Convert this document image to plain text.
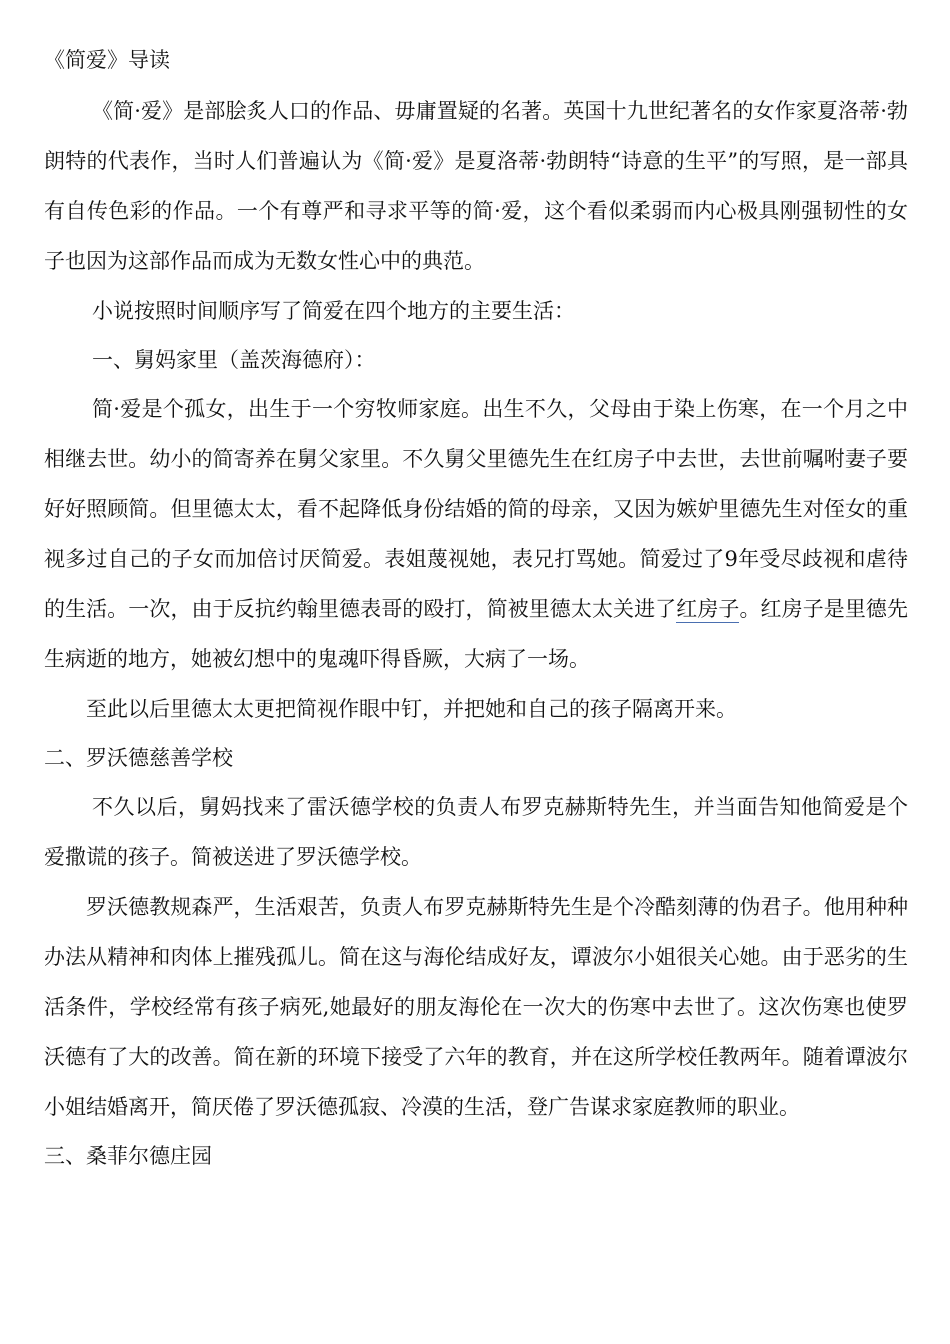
《简爱》导读

《简·爱》是部脍炙人口的作品、毋庸置疑的名著。英国十九世纪著名的女作家夏洛蒂·勃朗特的代表作，当时人们普遍认为《简·爱》是夏洛蒂·勃朗特“诗意的生平”的写照，是一部具有自传色彩的作品。一个有尊严和寻求平等的简·爱，这个看似柔弱而内心极具刚强韧性的女子也因为这部作品而成为无数女性心中的典范。

小说按照时间顺序写了简爱在四个地方的主要生活：

一、舅妈家里（盖茨海德府）：

简·爱是个孤女，出生于一个穷牧师家庭。出生不久，父母由于染上伤寒，在一个月之中相继去世。幼小的简寄养在舅父家里。不久舅父里德先生在红房子中去世，去世前嘱咐妻子要好好照顾简。但里德太太，看不起降低身份结婚的简的母亲，又因为嫉妒里德先生对侄女的重视多过自己的子女而加倍讨厌简爱。表姐蔑视她，表兄打骂她。简爱过了9年受尽歧视和虐待的生活。一次，由于反抗约翰里德表哥的殴打，简被里德太太关进了红房子。红房子是里德先生病逝的地方，她被幻想中的鬼魂吓得昏厥，大病了一场。

至此以后里德太太更把简视作眼中钉，并把她和自己的孩子隔离开来。

二、罗沃德慈善学校

不久以后，舅妈找来了雷沃德学校的负责人布罗克赫斯特先生，并当面告知他简爱是个爱撒谎的孩子。简被送进了罗沃德学校。

罗沃德教规森严，生活艰苦，负责人布罗克赫斯特先生是个冷酷刻薄的伪君子。他用种种办法从精神和肉体上摧残孤儿。简在这与海伦结成好友，谭波尔小姐很关心她。由于恶劣的生活条件，学校经常有孩子病死,她最好的朋友海伦在一次大的伤寒中去世了。这次伤寒也使罗沃德有了大的改善。简在新的环境下接受了六年的教育，并在这所学校任教两年。随着谭波尔小姐结婚离开，简厌倦了罗沃德孤寂、冷漠的生活，登广告谋求家庭教师的职业。

三、桑菲尔德庄园
